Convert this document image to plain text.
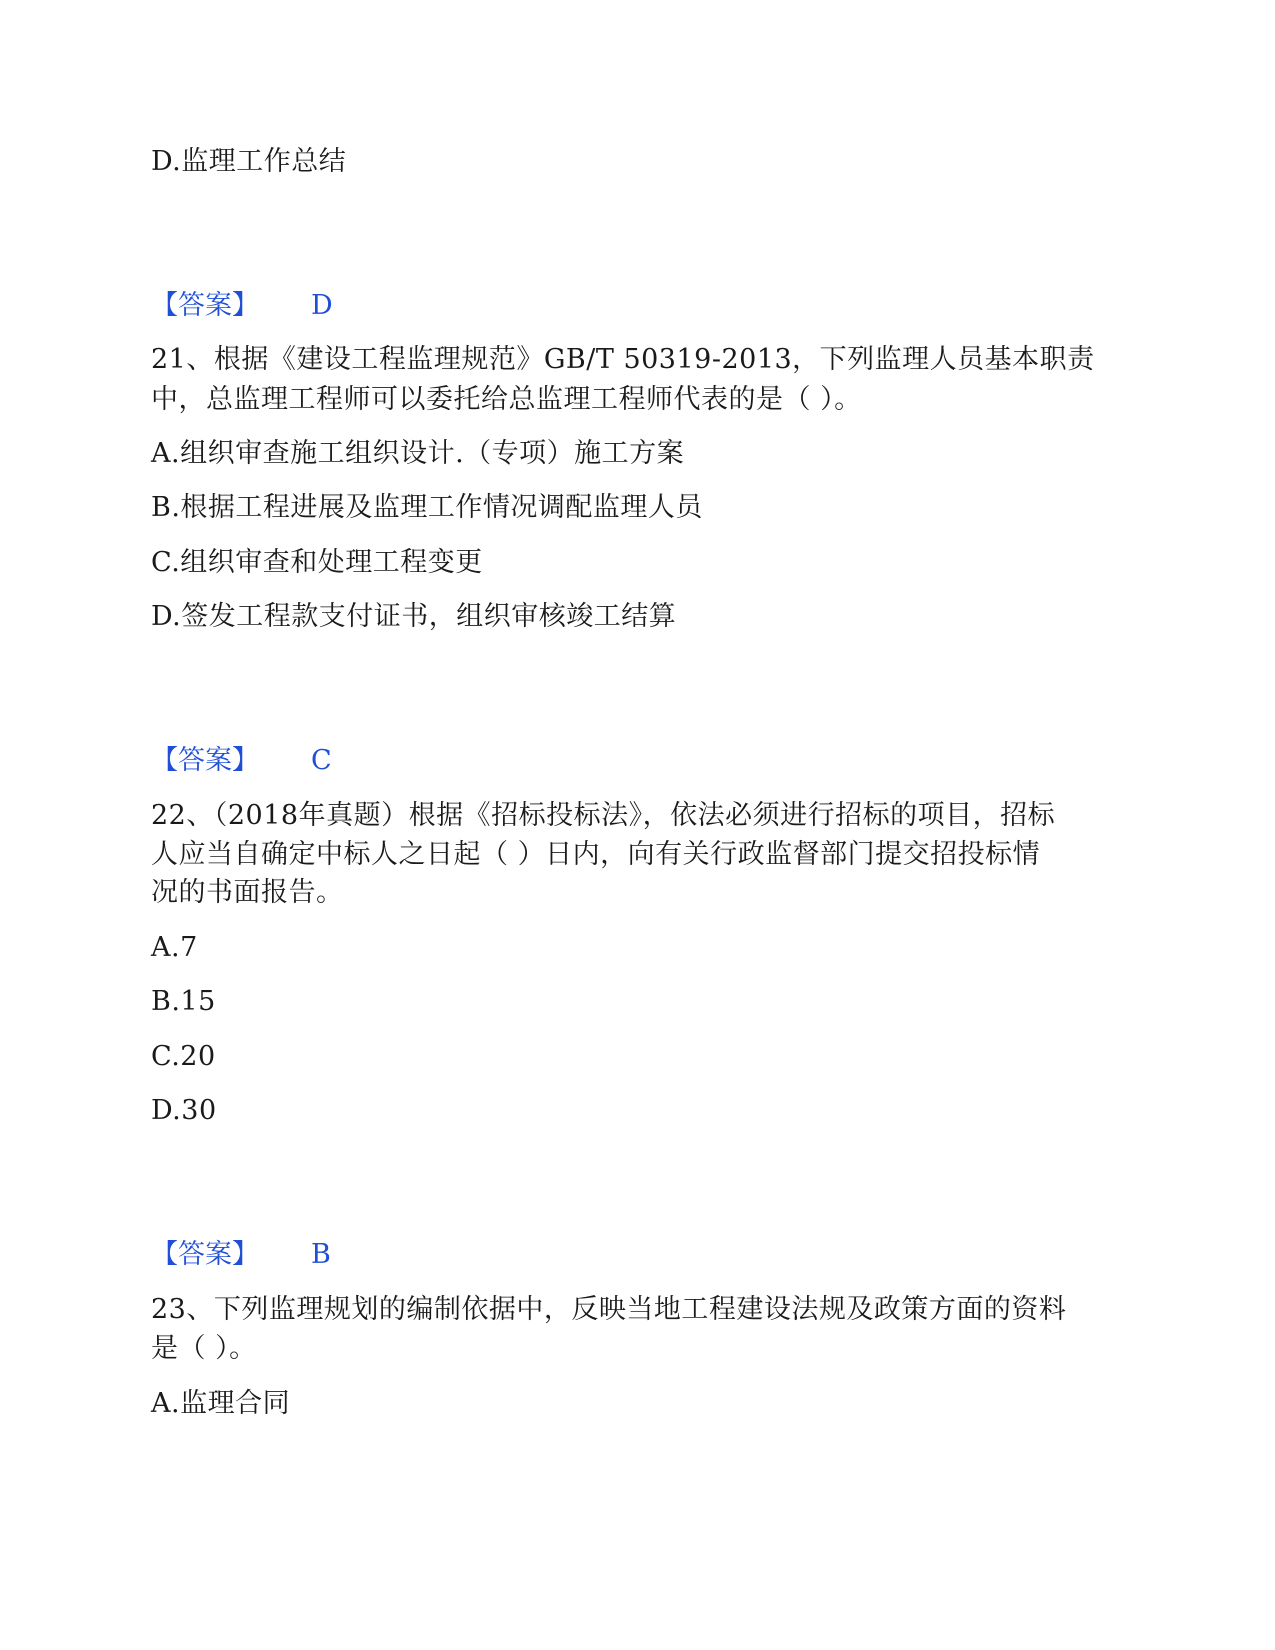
D.监理工作总结
【答案】 D
21、根据《建设工程监理规范》GB/T 50319-2013，下列监理人员基本职责
中，总监理工程师可以委托给总监理工程师代表的是（ ）。
A.组织审查施工组织设计.（专项）施工方案
B.根据工程进展及监理工作情况调配监理人员
C.组织审查和处理工程变更
D.签发工程款支付证书，组织审核竣工结算
【答案】 C
22、（2018年真题）根据《招标投标法》，依法必须进行招标的项目，招标
人应当自确定中标人之日起（ ）日内，向有关行政监督部门提交招投标情
况的书面报告。
A.7
B.15
C.20
D.30
【答案】 B
23、下列监理规划的编制依据中，反映当地工程建设法规及政策方面的资料
是（ ）。
A.监理合同
